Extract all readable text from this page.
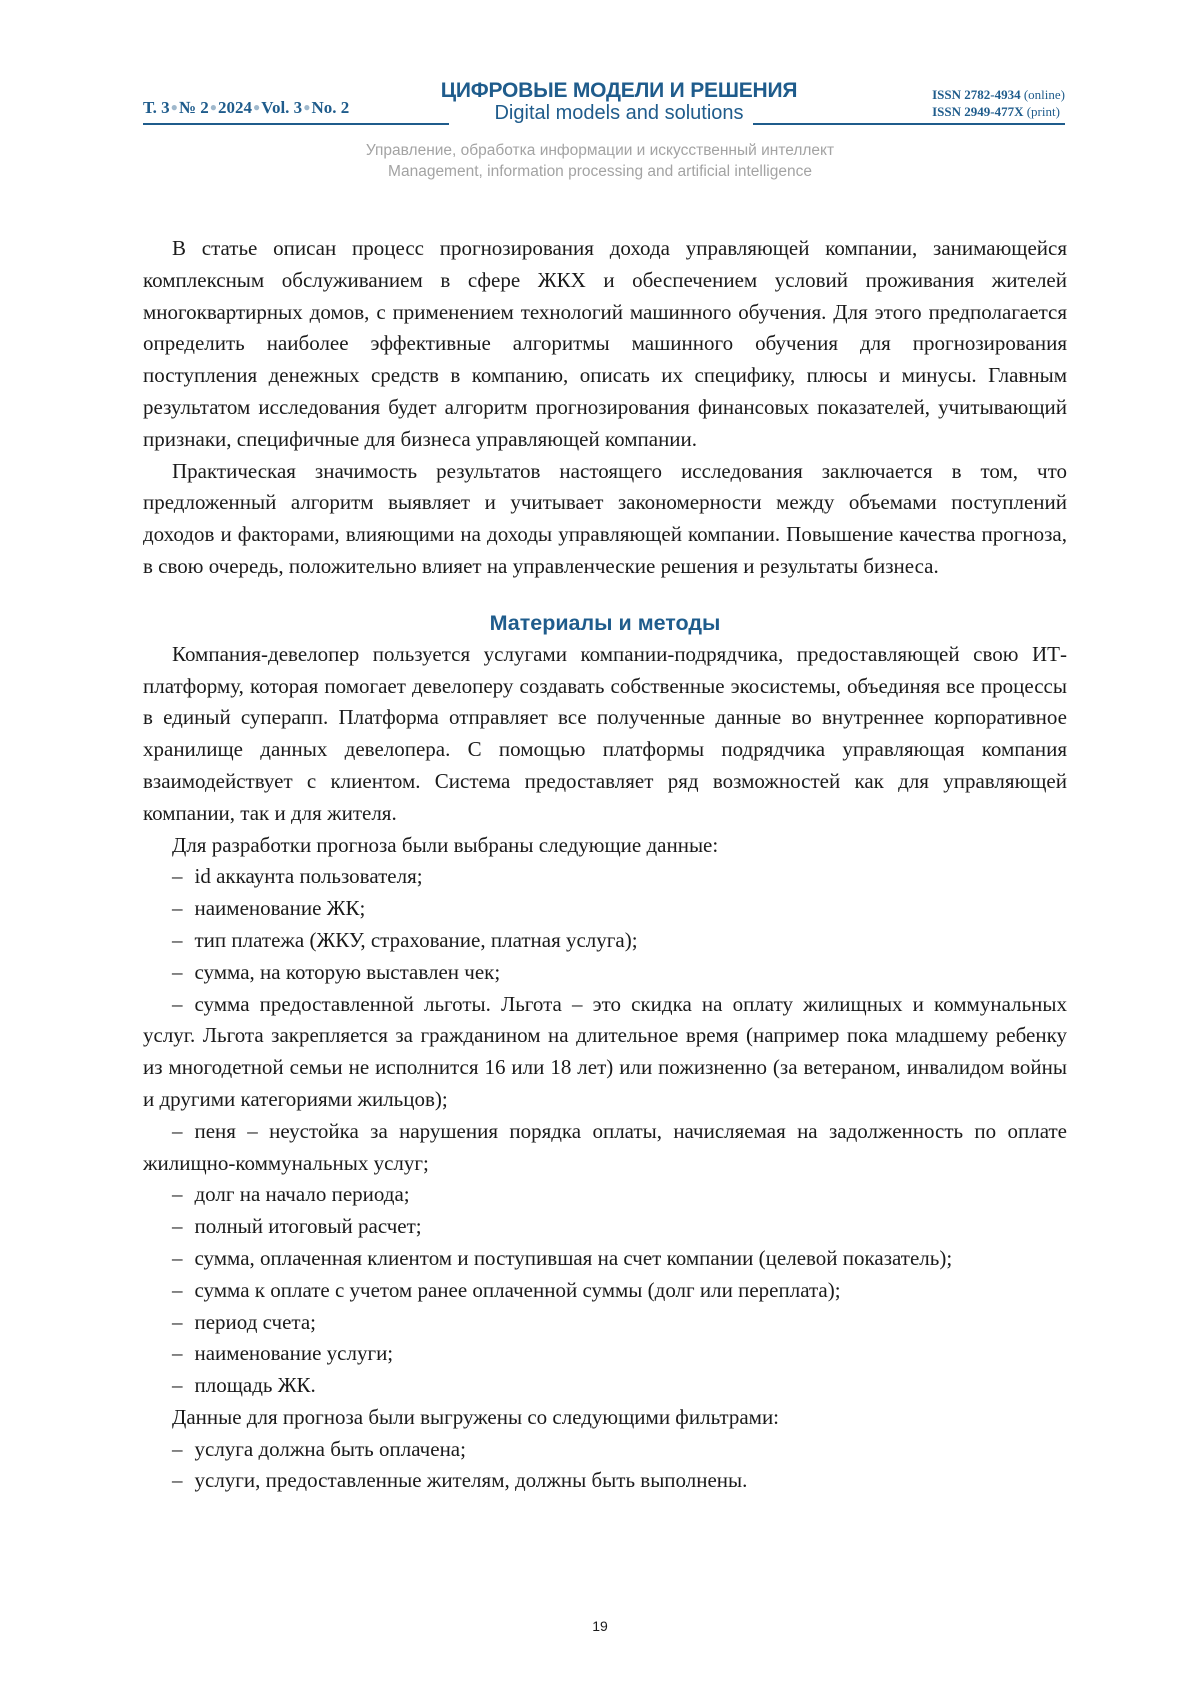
Т. 3●№ 2●2024●Vol. 3●No. 2
ЦИФРОВЫЕ МОДЕЛИ И РЕШЕНИЯ
Digital models and solutions
ISSN 2782-4934 (online)
ISSN 2949-477X (print)
Управление, обработка информации и искусственный интеллект
Management, information processing and artificial intelligence

В статье описан процесс прогнозирования дохода управляющей компании, занимающейся комплексным обслуживанием в сфере ЖКХ и обеспечением условий проживания жителей многоквартирных домов, с применением технологий машинного обучения. Для этого предполагается определить наиболее эффективные алгоритмы машинного обучения для прогнозирования поступления денежных средств в компанию, описать их специфику, плюсы и минусы. Главным результатом исследования будет алгоритм прогнозирования финансовых показателей, учитывающий признаки, специфичные для бизнеса управляющей компании.

Практическая значимость результатов настоящего исследования заключается в том, что предложенный алгоритм выявляет и учитывает закономерности между объемами поступлений доходов и факторами, влияющими на доходы управляющей компании. Повышение качества прогноза, в свою очередь, положительно влияет на управленческие решения и результаты бизнеса.

Материалы и методы

Компания-девелопер пользуется услугами компании-подрядчика, предоставляющей свою ИТ-платформу, которая помогает девелоперу создавать собственные экосистемы, объединяя все процессы в единый суперапп. Платформа отправляет все полученные данные во внутреннее корпоративное хранилище данных девелопера. С помощью платформы подрядчика управляющая компания взаимодействует с клиентом. Система предоставляет ряд возможностей как для управляющей компании, так и для жителя.

Для разработки прогноза были выбраны следующие данные:

– id аккаунта пользователя;

– наименование ЖК;

– тип платежа (ЖКУ, страхование, платная услуга);

– сумма, на которую выставлен чек;

– сумма предоставленной льготы. Льгота – это скидка на оплату жилищных и коммунальных услуг. Льгота закрепляется за гражданином на длительное время (например пока младшему ребенку из многодетной семьи не исполнится 16 или 18 лет) или пожизненно (за ветераном, инвалидом войны и другими категориями жильцов);

– пеня – неустойка за нарушения порядка оплаты, начисляемая на задолженность по оплате жилищно-коммунальных услуг;

– долг на начало периода;

– полный итоговый расчет;

– сумма, оплаченная клиентом и поступившая на счет компании (целевой показатель);

– сумма к оплате с учетом ранее оплаченной суммы (долг или переплата);

– период счета;

– наименование услуги;

– площадь ЖК.

Данные для прогноза были выгружены со следующими фильтрами:

– услуга должна быть оплачена;

– услуги, предоставленные жителям, должны быть выполнены.

19
